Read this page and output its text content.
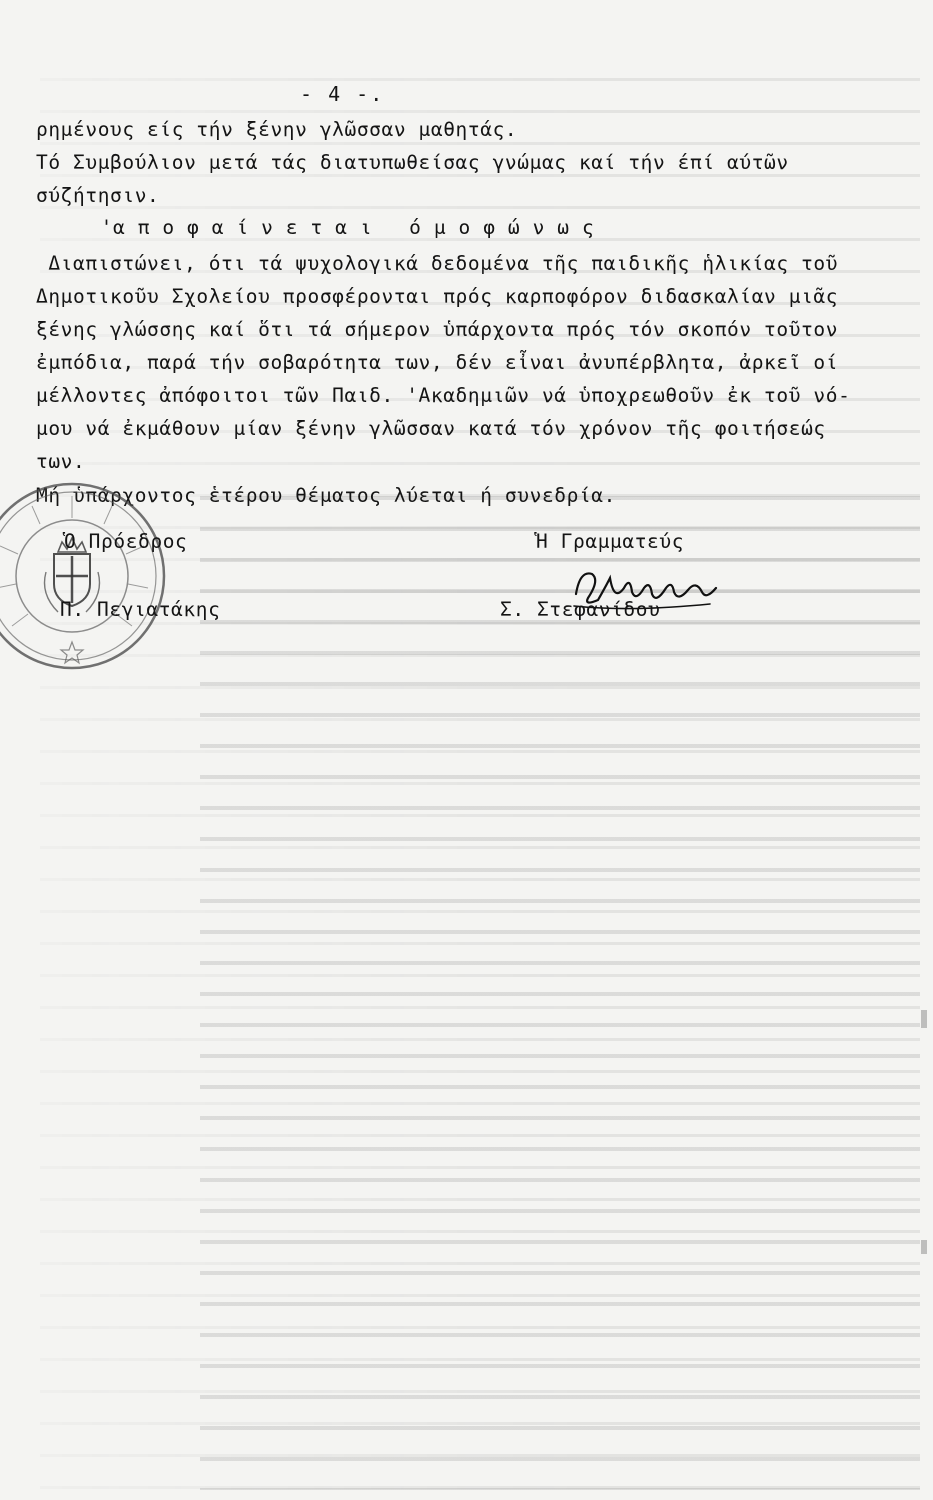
- 4 -.
ρημένους είς τήν ξένην γλῶσσαν μαθητάς.
Τό Συμβούλιον μετά τάς διατυπωθείσας γνώμας καί τήν έπί αύτῶν
σύζήτησιν.
'α π ο φ α ί ν ε τ α ι   ό μ ο φ ώ ν ω ς
Διαπιστώνει, ότι τά ψυχολογικά δεδομένα τῆς παιδικῆς ἡλικίας τοῦ
Δημοτικοῦυ Σχολείου προσφέρονται πρός καρποφόρον διδασκαλίαν μιᾶς
ξένης γλώσσης καί ὅτι τά σήμερον ὑπάρχοντα πρός τόν σκοπόν τοῦτον
ἐμπόδια, παρά τήν σοβαρότητα των, δέν εἶναι ἀνυπέρβλητα, ἀρκεῖ οί
μέλλοντες ἀπόφοιτοι τῶν Παιδ. 'Ακαδημιῶν νά ὑποχρεωθοῦν ἐκ τοῦ νό-
μου νά ἐκμάθουν μίαν ξένην γλῶσσαν κατά τόν χρόνον τῆς φοιτήσεώς
των.
Μή ὑπάρχοντος ἑτέρου θέματος λύεται ή συνεδρία.
Ὁ Πρόεδρος	Ἡ Γραμματεύς
Π. Πεγιατάκης	Σ. Στεφανίδου
